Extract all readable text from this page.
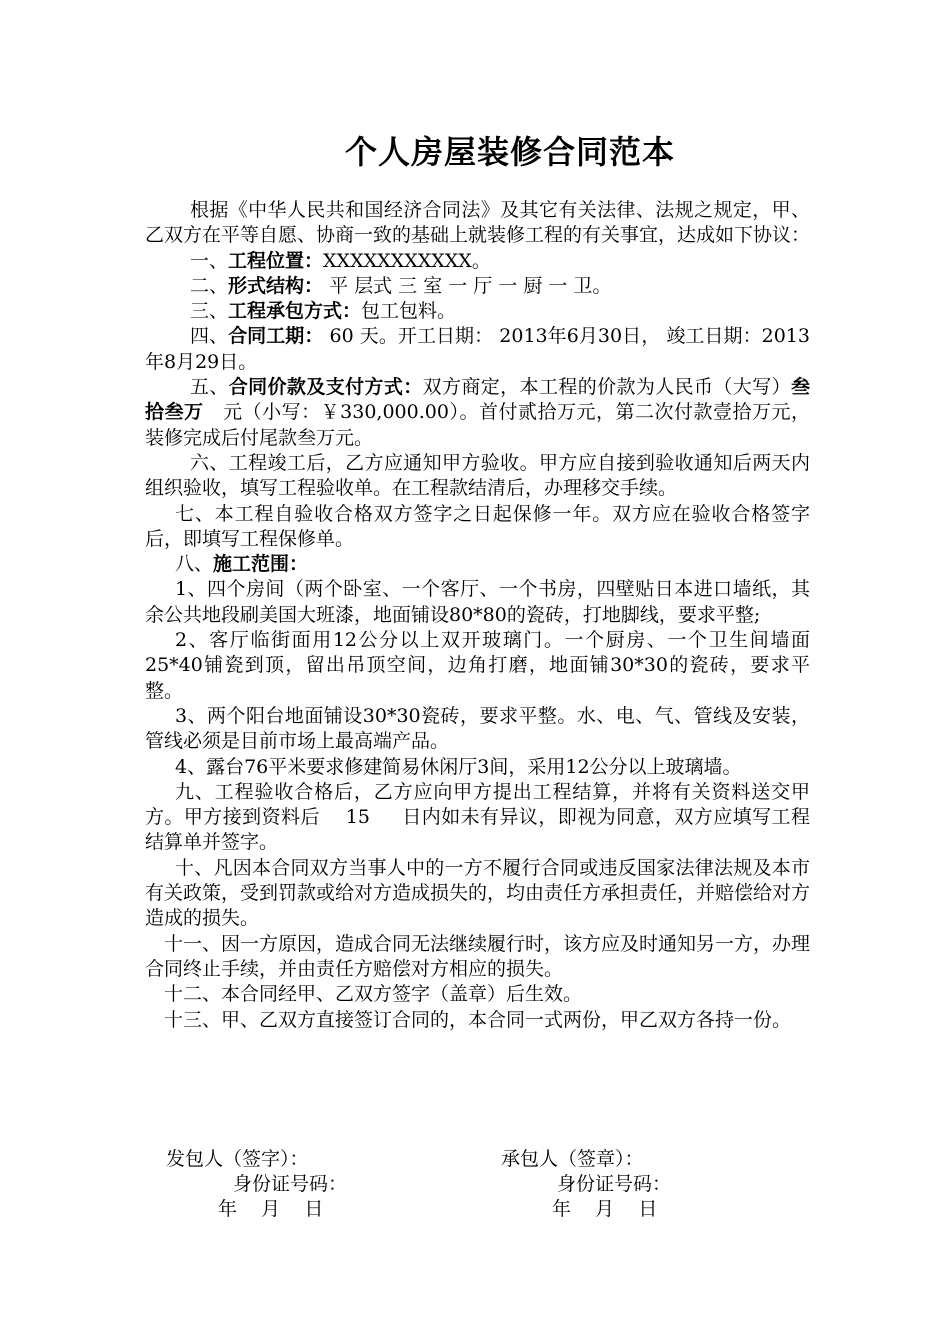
个人房屋装修合同范本

根据《中华人民共和国经济合同法》及其它有关法律、法规之规定，甲、乙双方在平等自愿、协商一致的基础上就装修工程的有关事宜，达成如下协议：

一、工程位置：XXXXXXXXXXX。

二、形式结构： 平 层式 三 室 一 厅 一 厨 一 卫。

三、工程承包方式：包工包料。

四、合同工期： 60 天。开工日期： 2013年6月30日， 竣工日期：2013年8月29日。

五、合同价款及支付方式：双方商定，本工程的价款为人民币（大写）叁拾叁万 元（小写：￥330,000.00）。首付贰拾万元，第二次付款壹拾万元，装修完成后付尾款叁万元。

六、工程竣工后，乙方应通知甲方验收。甲方应自接到验收通知后两天内组织验收，填写工程验收单。在工程款结清后，办理移交手续。

七、本工程自验收合格双方签字之日起保修一年。双方应在验收合格签字后，即填写工程保修单。

八、施工范围：

1、四个房间（两个卧室、一个客厅、一个书房，四壁贴日本进口墙纸，其余公共地段刷美国大班漆，地面铺设80*80的瓷砖，打地脚线，要求平整;

2、客厅临街面用12公分以上双开玻璃门。一个厨房、一个卫生间墙面25*40铺瓷到顶，留出吊顶空间，边角打磨，地面铺30*30的瓷砖，要求平整。

3、两个阳台地面铺设30*30瓷砖，要求平整。水、电、气、管线及安装，管线必须是目前市场上最高端产品。

4、露台76平米要求修建简易休闲厅3间，采用12公分以上玻璃墙。

九、工程验收合格后，乙方应向甲方提出工程结算，并将有关资料送交甲方。甲方接到资料后 15 日内如未有异议，即视为同意，双方应填写工程结算单并签字。

十、凡因本合同双方当事人中的一方不履行合同或违反国家法律法规及本市有关政策，受到罚款或给对方造成损失的，均由责任方承担责任，并赔偿给对方造成的损失。

十一、因一方原因，造成合同无法继续履行时，该方应及时通知另一方，办理合同终止手续，并由责任方赔偿对方相应的损失。

十二、本合同经甲、乙双方签字（盖章）后生效。

十三、甲、乙双方直接签订合同的，本合同一式两份，甲乙双方各持一份。

发包人（签字）：	承包人（签章）：
身份证号码：	身份证号码：
年    月    日	年    月    日
